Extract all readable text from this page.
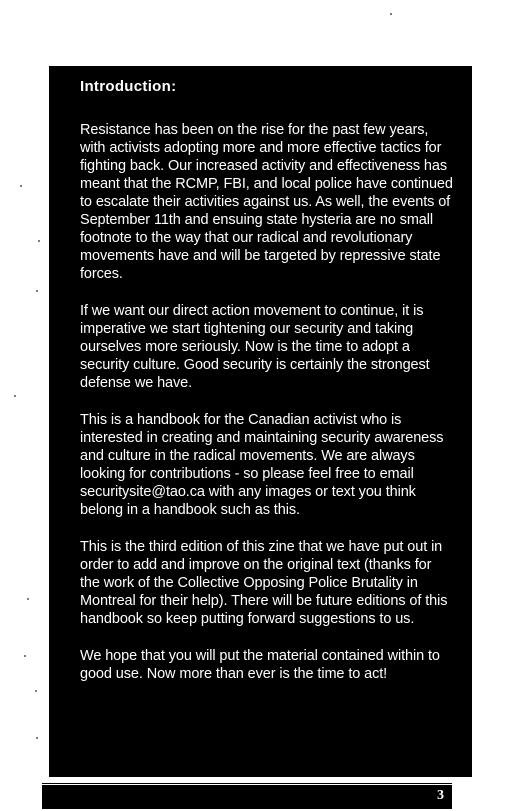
Introduction:

Resistance has been on the rise for the past few years, with activists adopting more and more effective tactics for fighting back. Our increased activity and effectiveness has meant that the RCMP, FBI, and local police have continued to escalate their activities against us. As well, the events of September 11th and ensuing state hysteria are no small footnote to the way that our radical and revolutionary movements have and will be targeted by repressive state forces.

If we want our direct action movement to continue, it is imperative we start tightening our security and taking ourselves more seriously. Now is the time to adopt a security culture. Good security is certainly the strongest defense we have.

This is a handbook for the Canadian activist who is interested in creating and maintaining security awareness and culture in the radical movements. We are always looking for contributions - so please feel free to email securitysite@tao.ca with any images or text you think belong in a handbook such as this.

This is the third edition of this zine that we have put out in order to add and improve on the original text (thanks for the work of the Collective Opposing Police Brutality in Montreal for their help). There will be future editions of this handbook so keep putting forward suggestions to us.

We hope that you will put the material contained within to good use. Now more than ever is the time to act!

3
